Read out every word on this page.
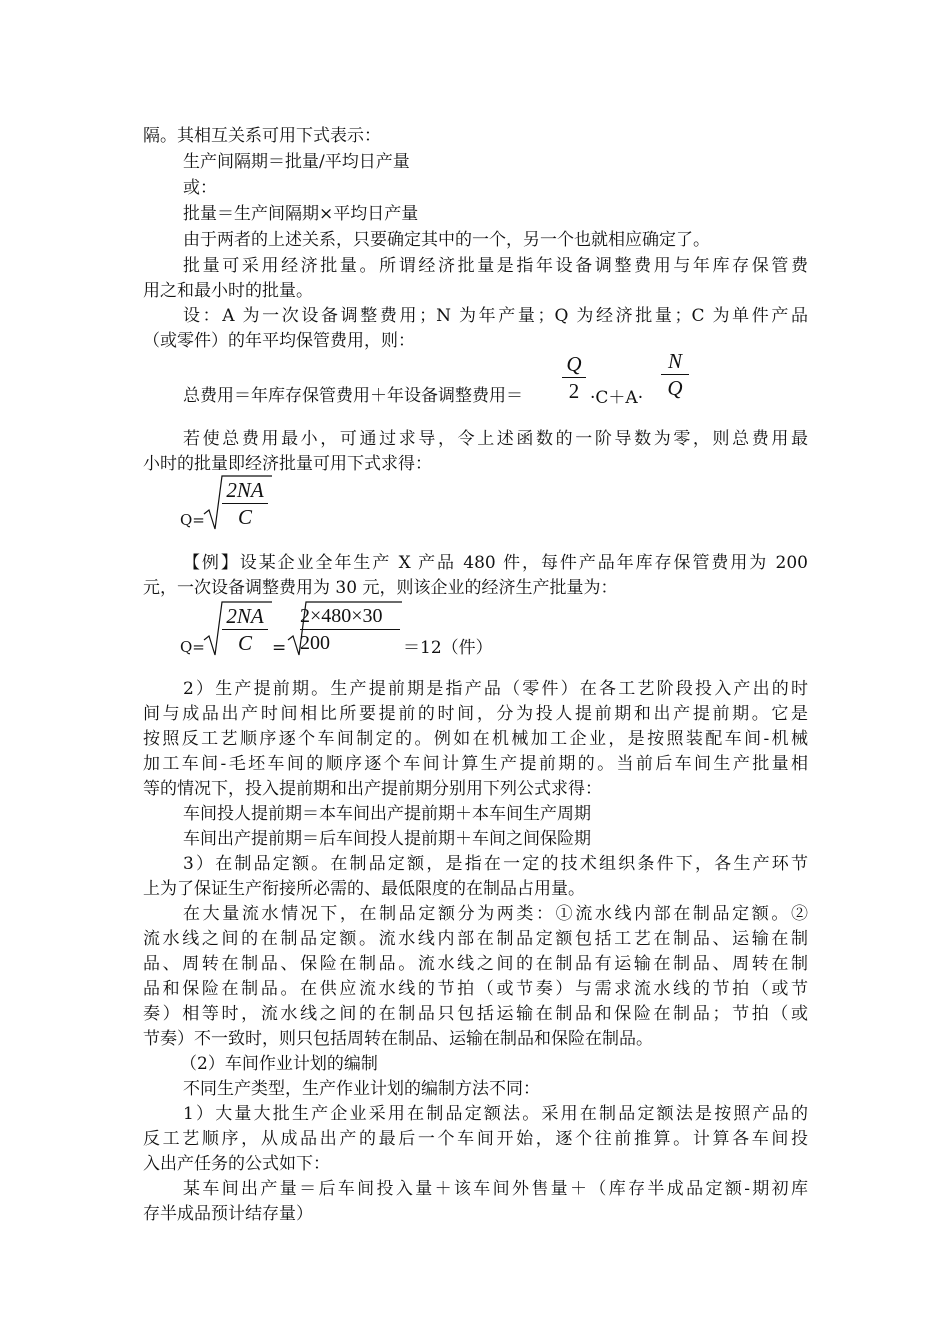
隔。其相互关系可用下式表示：
生产间隔期＝批量/平均日产量
或：
批量＝生产间隔期×平均日产量
由于两者的上述关系，只要确定其中的一个，另一个也就相应确定了。
批量可采用经济批量。所谓经济批量是指年设备调整费用与年库存保管费
用之和最小时的批量。
设：A 为一次设备调整费用；N 为年产量；Q 为经济批量；C 为单件产品
（或零件）的年平均保管费用，则：
总费用＝年库存保管费用＋年设备调整费用＝
Q
2 ·C＋A·
N
Q
若使总费用最小，可通过求导，令上述函数的一阶导数为零，则总费用最
小时的批量即经济批量可用下式求得：
Q=
2NA
C
【例】设某企业全年生产 X 产品 480 件，每件产品年库存保管费用为 200
元，一次设备调整费用为 30 元，则该企业的经济生产批量为：
Q=
2NA
C	=
2×480×30
200	＝12（件）
2）生产提前期。生产提前期是指产品（零件）在各工艺阶段投入产出的时
间与成品出产时间相比所要提前的时间，分为投人提前期和出产提前期。它是
按照反工艺顺序逐个车间制定的。例如在机械加工企业，是按照装配车间-机械
加工车间-毛坯车间的顺序逐个车间计算生产提前期的。当前后车间生产批量相
等的情况下，投入提前期和出产提前期分别用下列公式求得：
车间投人提前期＝本车间出产提前期＋本车间生产周期
车间出产提前期＝后车间投人提前期＋车间之间保险期
3）在制品定额。在制品定额，是指在一定的技术组织条件下，各生产环节
上为了保证生产衔接所必需的、最低限度的在制品占用量。
在大量流水情况下，在制品定额分为两类：①流水线内部在制品定额。②
流水线之间的在制品定额。流水线内部在制品定额包括工艺在制品、运输在制
品、周转在制品、保险在制品。流水线之间的在制品有运输在制品、周转在制
品和保险在制品。在供应流水线的节拍（或节奏）与需求流水线的节拍（或节
奏）相等时，流水线之间的在制品只包括运输在制品和保险在制品；节拍（或
节奏）不一致时，则只包括周转在制品、运输在制品和保险在制品。
（2）车间作业计划的编制
不同生产类型，生产作业计划的编制方法不同：
1）大量大批生产企业采用在制品定额法。采用在制品定额法是按照产品的
反工艺顺序，从成品出产的最后一个车间开始，逐个往前推算。计算各车间投
入出产任务的公式如下：
某车间出产量＝后车间投入量＋该车间外售量＋（库存半成品定额-期初库
存半成品预计结存量）
